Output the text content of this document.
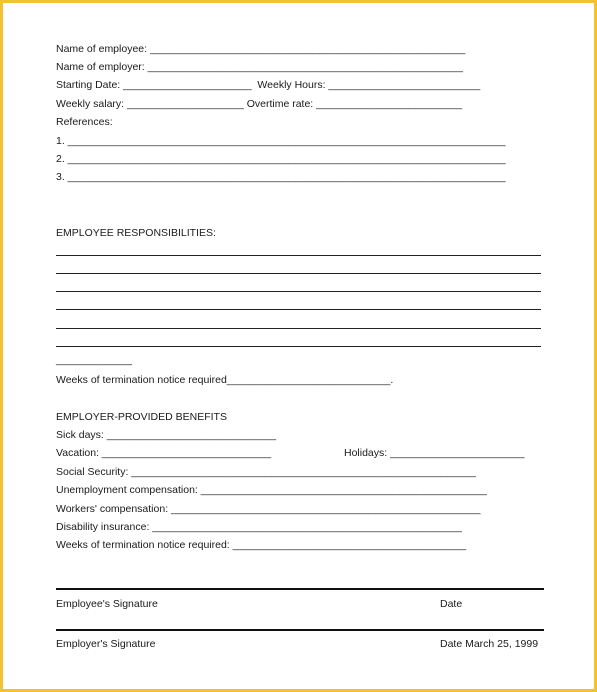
Name of employee: ______________________________________________________
Name of employer: ______________________________________________________
Starting Date: ______________________  Weekly Hours: __________________________
Weekly salary: ____________________ Overtime rate: _________________________
References:
1. ___________________________________________________________________________
2. ___________________________________________________________________________
3. ___________________________________________________________________________
EMPLOYEE RESPONSIBILITIES:
_____________
Weeks of termination notice required____________________________.
EMPLOYER-PROVIDED BENEFITS
Sick days: _____________________________
Vacation: _____________________________	Holidays: _______________________
Social Security: ___________________________________________________________
Unemployment compensation: _________________________________________________
Workers' compensation: _____________________________________________________
Disability insurance: _____________________________________________________
Weeks of termination notice required: ________________________________________
Employee's Signature	Date
Employer's Signature	Date March 25, 1999
